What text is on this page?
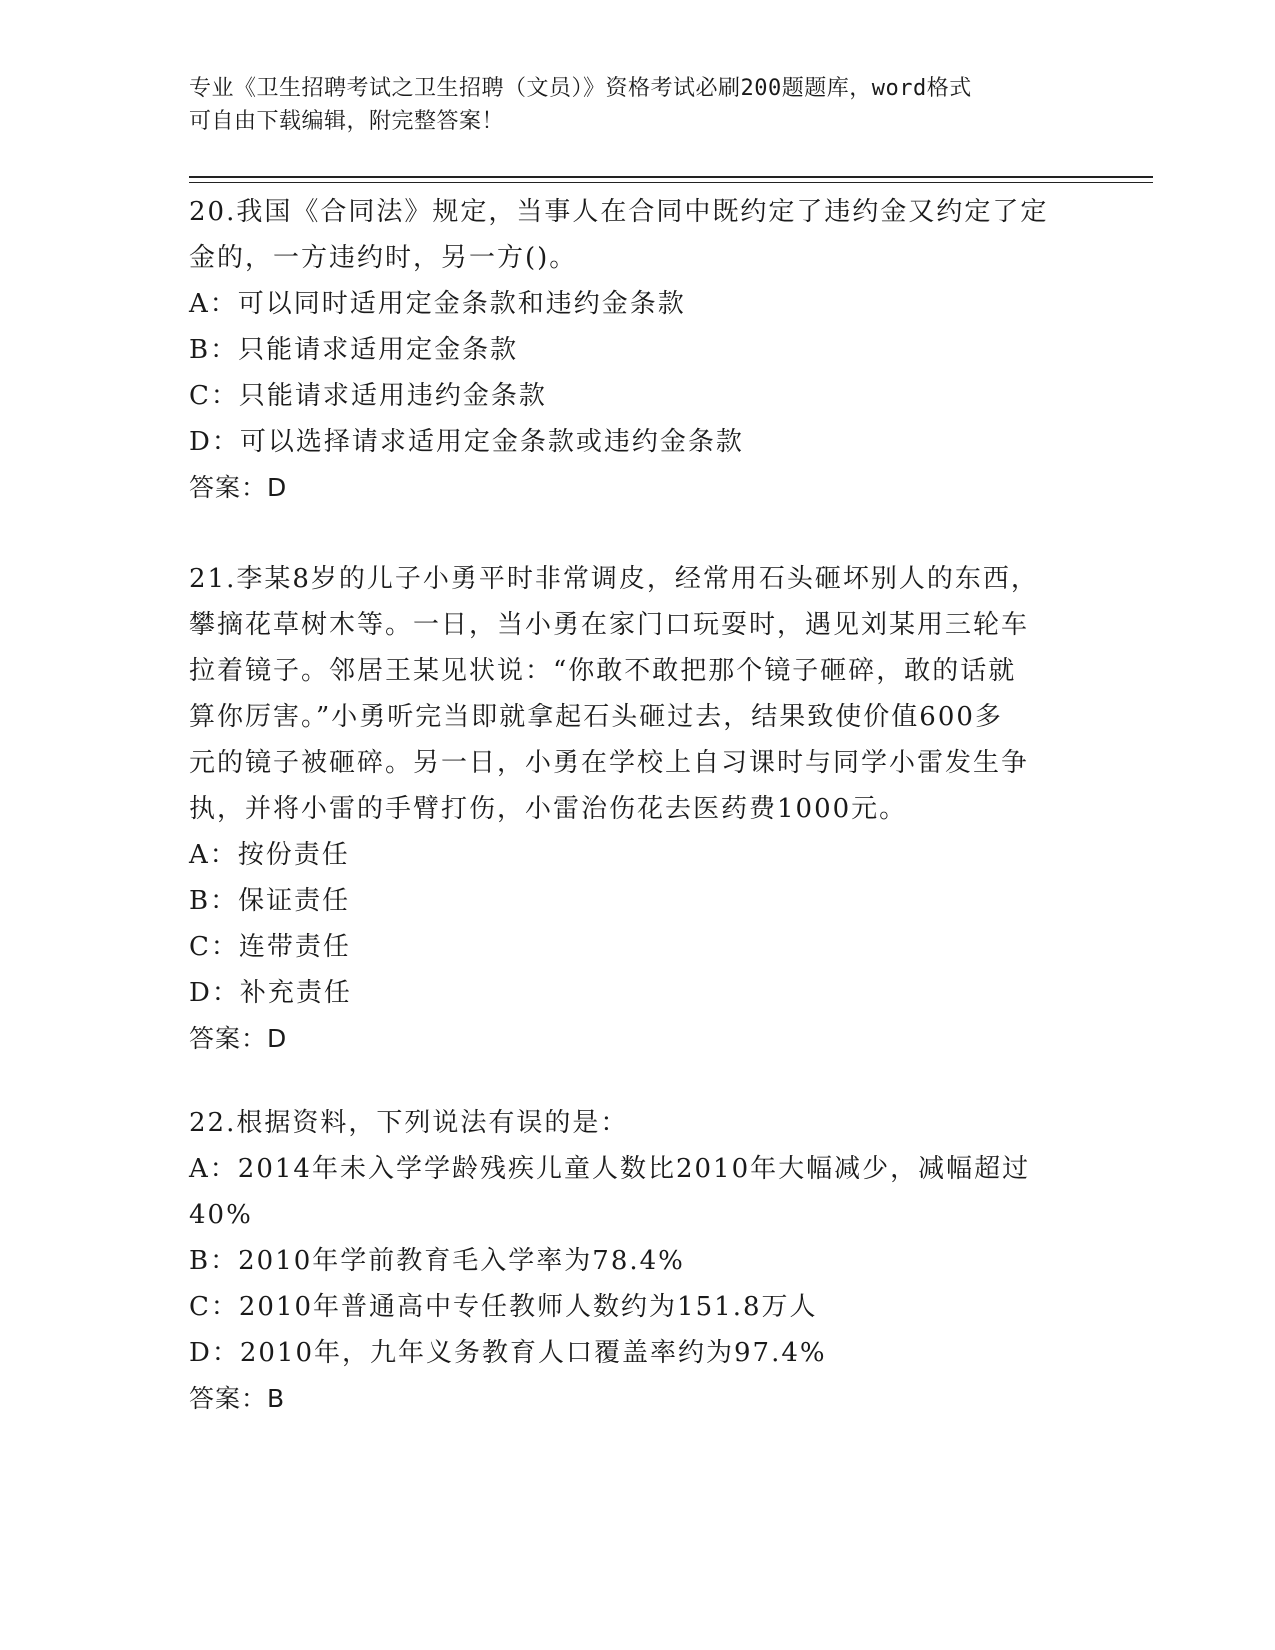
专业《卫生招聘考试之卫生招聘（文员）》资格考试必刷200题题库，word格式
可自由下载编辑，附完整答案！
20.我国《合同法》规定，当事人在合同中既约定了违约金又约定了定
金的，一方违约时，另一方()。
A：可以同时适用定金条款和违约金条款
B：只能请求适用定金条款
C：只能请求适用违约金条款
D：可以选择请求适用定金条款或违约金条款
答案：D
21.李某8岁的儿子小勇平时非常调皮，经常用石头砸坏别人的东西，
攀摘花草树木等。一日，当小勇在家门口玩耍时，遇见刘某用三轮车
拉着镜子。邻居王某见状说：“你敢不敢把那个镜子砸碎，敢的话就
算你厉害。”小勇听完当即就拿起石头砸过去，结果致使价值600多
元的镜子被砸碎。另一日，小勇在学校上自习课时与同学小雷发生争
执，并将小雷的手臂打伤，小雷治伤花去医药费1000元。
A：按份责任
B：保证责任
C：连带责任
D：补充责任
答案：D
22.根据资料，下列说法有误的是：
A：2014年未入学学龄残疾儿童人数比2010年大幅减少，减幅超过
40%
B：2010年学前教育毛入学率为78.4%
C：2010年普通高中专任教师人数约为151.8万人
D：2010年，九年义务教育人口覆盖率约为97.4%
答案：B
